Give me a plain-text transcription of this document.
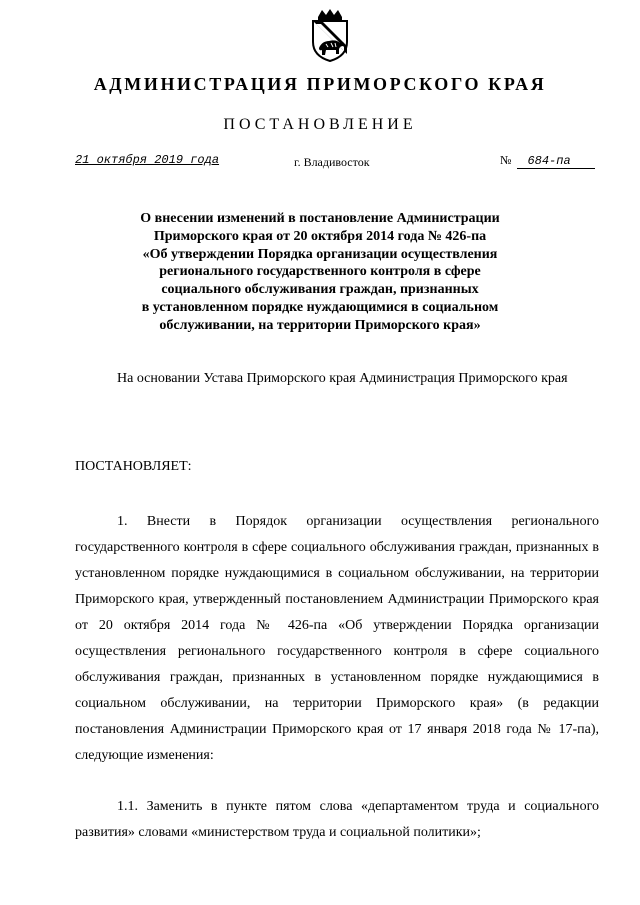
АДМИНИСТРАЦИЯ ПРИМОРСКОГО КРАЯ
ПОСТАНОВЛЕНИЕ
21 октября 2019 года	г. Владивосток	№ 684-па
О внесении изменений в постановление Администрации
Приморского края от 20 октября 2014 года № 426-па
«Об утверждении Порядка организации осуществления
регионального государственного контроля в сфере
социального обслуживания граждан, признанных
в установленном порядке нуждающимися в социальном
обслуживании, на территории Приморского края»
На основании Устава Приморского края Администрация Приморского края
ПОСТАНОВЛЯЕТ:
1. Внести в Порядок организации осуществления регионального государственного контроля в сфере социального обслуживания граждан, признанных в установленном порядке нуждающимися в социальном обслуживании, на территории Приморского края, утвержденный постановлением Администрации Приморского края от 20 октября 2014 года № 426-па «Об утверждении Порядка организации осуществления регионального государственного контроля в сфере социального обслуживания граждан, признанных в установленном порядке нуждающимися в социальном обслуживании, на территории Приморского края» (в редакции постановления Администрации Приморского края от 17 января 2018 года № 17-па), следующие изменения:
1.1. Заменить в пункте пятом слова «департаментом труда и социального развития» словами «министерством труда и социальной политики»;
